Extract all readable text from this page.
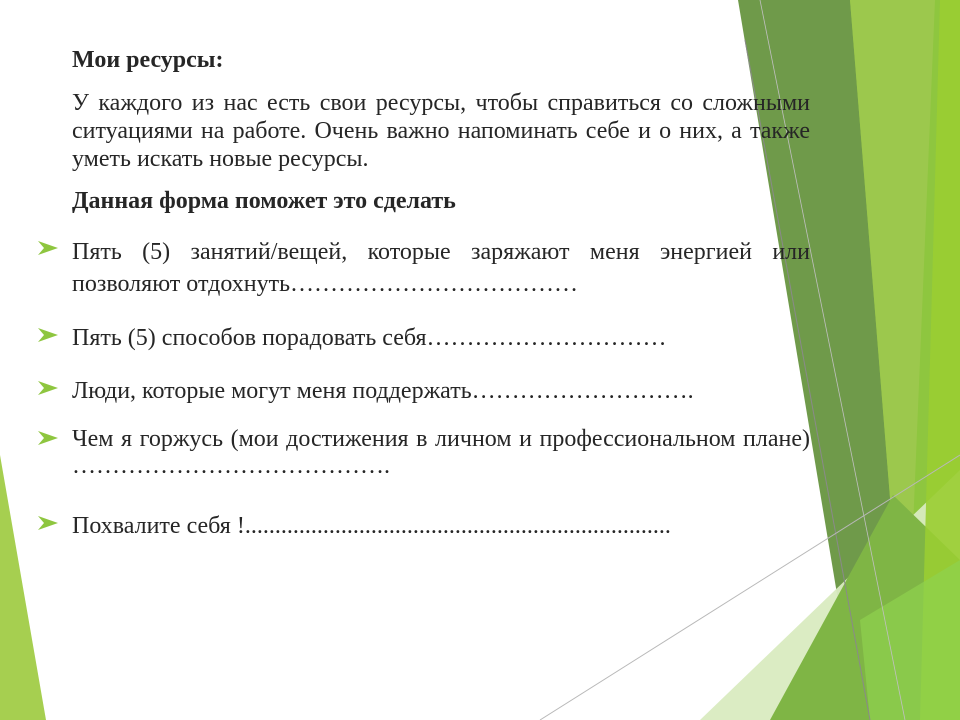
Мои ресурсы:

У каждого из нас есть свои ресурсы, чтобы справиться со сложными ситуациями на работе. Очень важно напоминать себе и о них, а также уметь искать новые ресурсы.

Данная форма поможет это сделать
Пять (5) занятий/вещей, которые заряжают меня энергией или позволяют отдохнуть………………………………
Пять (5) способов порадовать себя…………………………
Люди, которые могут меня поддержать……………………….
Чем я горжусь (мои достижения в личном и профессиональном плане) ………………………………….
Похвалите себя !.......................................................................
